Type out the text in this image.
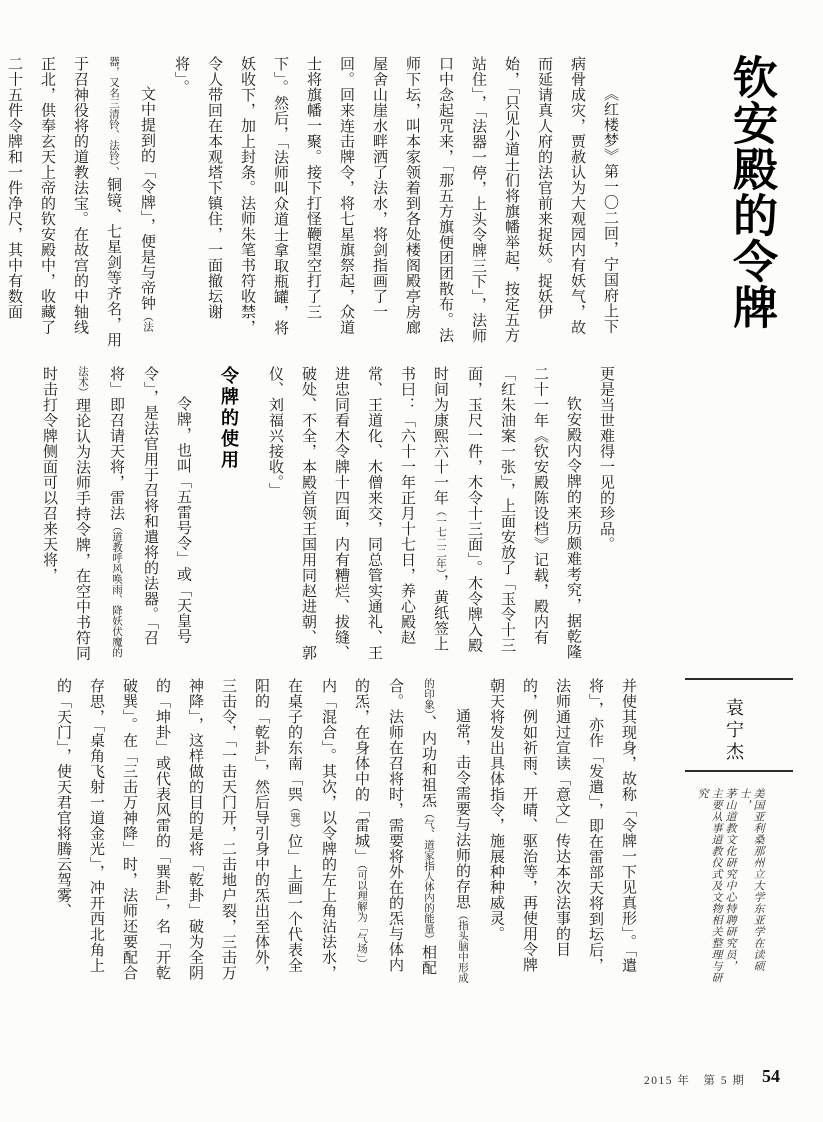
钦安殿的令牌

《红楼梦》第一〇二回，宁国府上下病骨成灾，贾赦认为大观园内有妖气，故而延请真人府的法官前来捉妖。捉妖伊始，「只见小道士们将旗幡举起，按定五方站住」，「法器一停，上头令牌三下」，法师口中念起咒来，「那五方旗便团团散布。法师下坛，叫本家领着到各处楼阁殿亭房廊屋舍山崖水畔洒了法水，将剑指画了一回。回来连击牌令，将七星旗祭起，众道士将旗幡一聚。接下打怪鞭望空打了三下」。然后，「法师叫众道士拿取瓶罐，将妖收下，加上封条。法师朱笔书符收禁，令人带回在本观塔下镇住，一面撤坛谢将」。

文中提到的「令牌」，便是与帝钟（法器，又名三清铃、法铃）、铜镜、七星剑等齐名，用于召神役将的道教法宝。在故宫的中轴线正北，供奉玄天上帝的钦安殿中，收藏了二十五件令牌和一件净尺，其中有数面

更是当世难得一见的珍品。

钦安殿内令牌的来历颇难考究，据乾隆二十一年《钦安殿陈设档》记载，殿内有「红朱油案一张」，上面安放了「玉令十三面，玉尺一件，木令十三面」。木令牌入殿时间为康熙六十一年（一七二二年），黄纸签上书曰：「六十一年正月十七日，养心殿赵常、王道化、木僧来交，同总管实通礼、王进忠同看木令牌十四面，内有糟烂、拔缝、破处、不全，本殿首领王国用同赵进朝、郭仪、刘福兴接收。」

令牌的使用

令牌，也叫「五雷号令」或「天皇号令」，是法官用于召将和遣将的法器。「召将」即召请天将，雷法（道教呼风唤雨、降妖伏魔的法术）理论认为法师手持令牌，在空中书符同时击打令牌侧面可以召来天将，

袁宁杰

美国亚利桑那州立大学东亚学在读硕士，

茅山道教文化研究中心特聘研究员，

主要从事道教仪式及文物相关整理与研究

并使其现身，故称「令牌一下见真形」。「遣将」，亦作「发遣」，即在雷部天将到坛后，法师通过宣读「意文」传达本次法事的目的，例如祈雨、开晴、驱治等，再使用令牌朝天将发出具体指令，施展种种威灵。

通常，击令需要与法师的存思（指头脑中形成的印象）、内功和祖炁（气、道家指人体内的能量）相配合。法师在召将时，需要将外在的炁与体内的炁，在身体中的「雷城」（可以理解为「气场」）内「混合」。其次，以令牌的左上角沾法水，在桌子的东南「巺（巽）位」上画一个代表全阳的「乾卦」，然后导引身中的炁出至体外，三击令，「一击天门开，二击地户裂，三击万神降」，这样做的目的是将「乾卦」破为全阴的「坤卦」或代表风雷的「巽卦」，名「开乾破巽」。在「三击万神降」时，法师还要配合存思，「桌角飞射一道金光」，冲开西北角上的「天门」，使天君官将腾云驾雾、

2015 年　第 5 期 54
